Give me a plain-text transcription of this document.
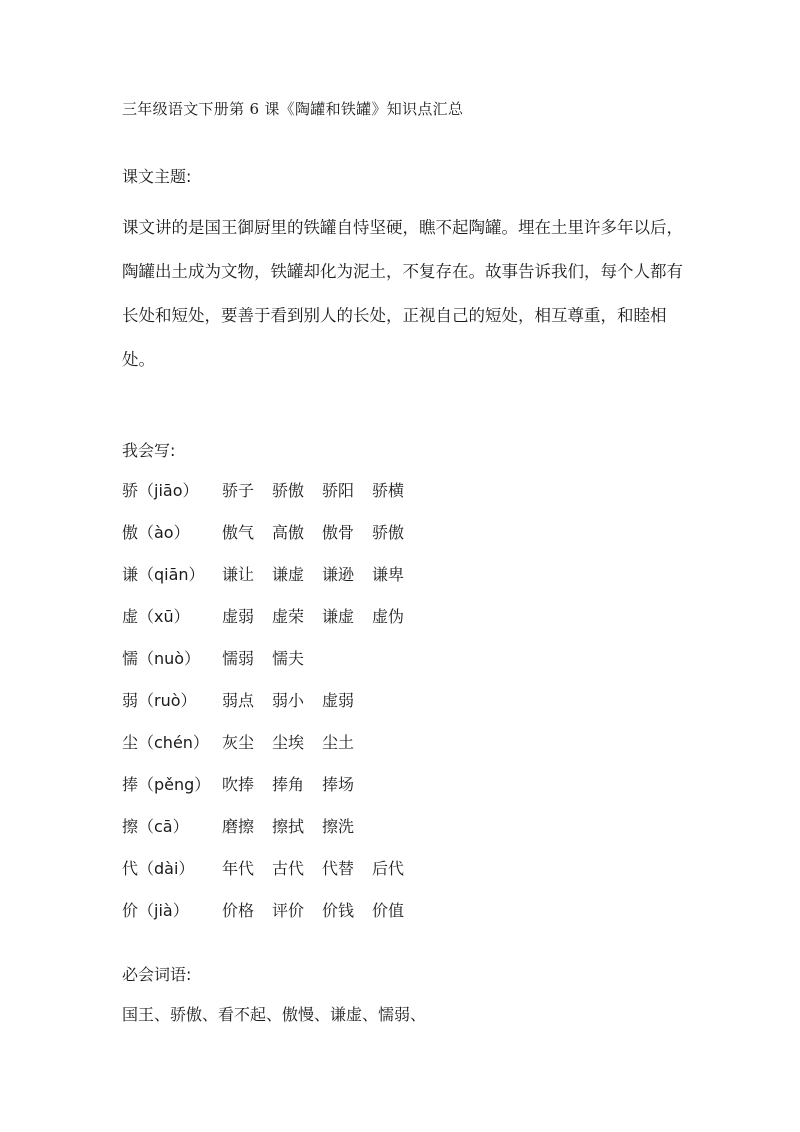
三年级语文下册第 6 课《陶罐和铁罐》知识点汇总
课文主题:

课文讲的是国王御厨里的铁罐自恃坚硬，瞧不起陶罐。埋在土里许多年以后，陶罐出土成为文物，铁罐却化为泥土，不复存在。故事告诉我们，每个人都有长处和短处，要善于看到别人的长处，正视自己的短处，相互尊重，和睦相处。

我会写:
骄（jiāo） 骄子 骄傲 骄阳 骄横
傲（ào） 傲气 高傲 傲骨 骄傲
谦（qiān） 谦让 谦虚 谦逊 谦卑
虚（xū） 虚弱 虚荣 谦虚 虚伪
懦（nuò） 懦弱 懦夫
弱（ruò） 弱点 弱小 虚弱
尘（chén） 灰尘 尘埃 尘土
捧（pěng） 吹捧 捧角 捧场
擦（cā） 磨擦 擦拭 擦洗
代（dài） 年代 古代 代替 后代
价（jià） 价格 评价 价钱 价值
必会词语:
国王、骄傲、看不起、傲慢、谦虚、懦弱、
